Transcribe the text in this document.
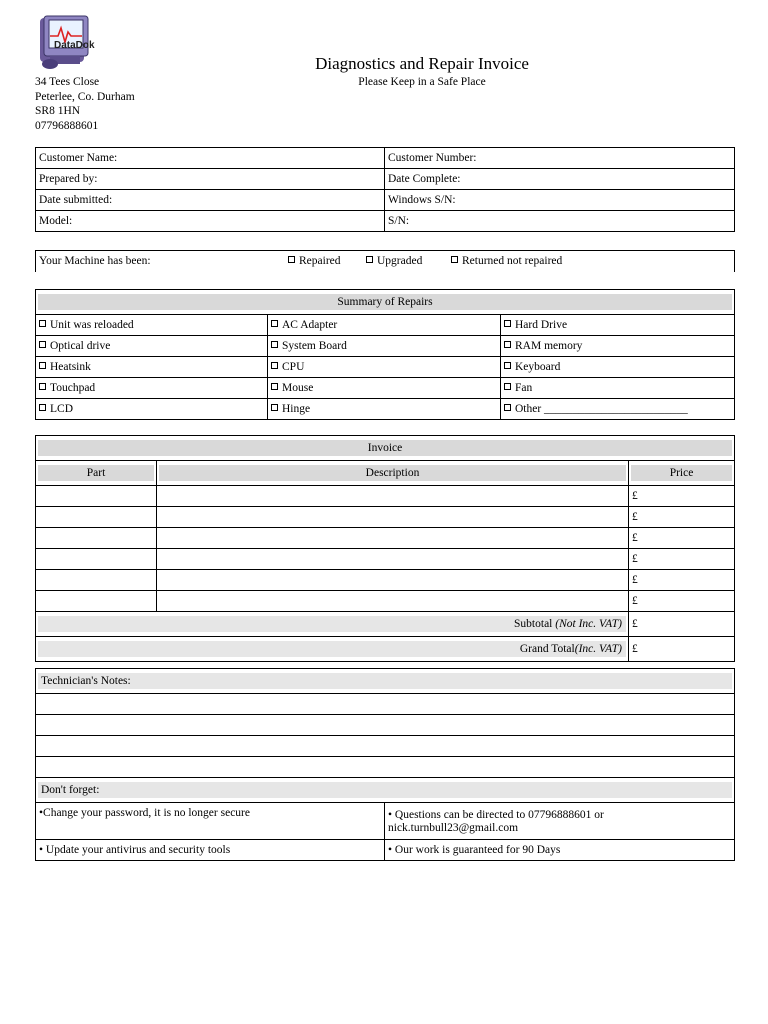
DataDok
34 Tees Close
Peterlee, Co. Durham
SR8 1HN
07796888601
Diagnostics and Repair Invoice
Please Keep in a Safe Place
Customer Name:	Customer Number:
Prepared by:	Date Complete:
Date submitted:	Windows S/N:
Model:	S/N:
Your Machine has been:	Repaired	Upgraded	Returned not repaired
Summary of Repairs		

Unit was reloaded	AC Adapter	Hard Drive
Optical drive	System Board	RAM memory
Heatsink	CPU	Keyboard
Touchpad	Mouse	Fan
LCD	Hinge	Other _________________________
Invoice		

Part	Description	Price

		£
		£
		£
		£
		£
		£

Subtotal (Not Inc. VAT)		£

Grand Total(Inc. VAT)		£
Technician's Notes:	

Don't forget:	

•Change your password, it is no longer secure	• Questions can be directed to 07796888601 or nick.turnbull23@gmail.com
• Update your antivirus and security tools	• Our work is guaranteed for 90 Days
